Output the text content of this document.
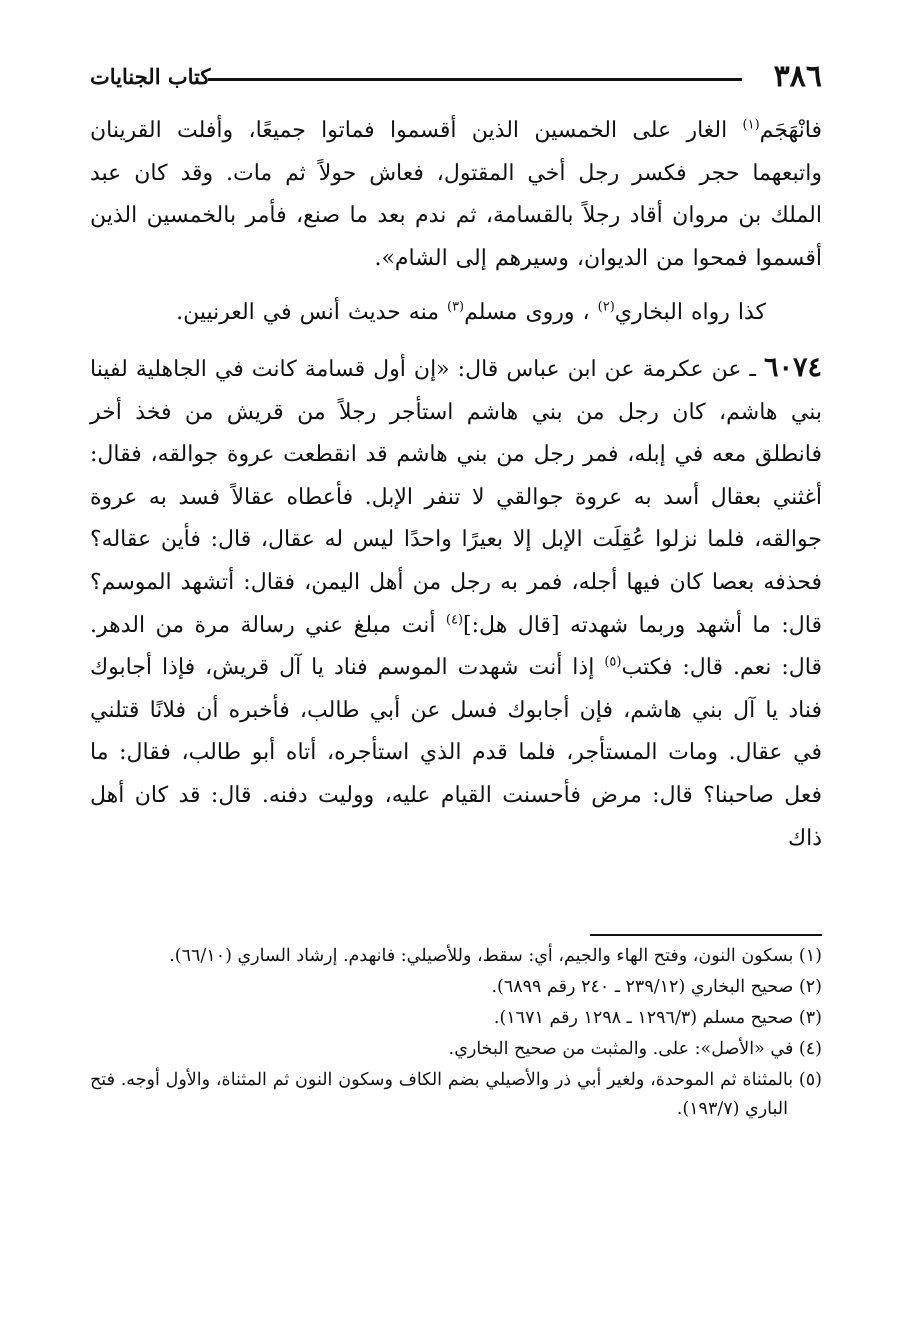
٣٨٦
كتاب الجنايات

فانْهَجَم$^{(١)}$ الغار على الخمسين الذين أقسموا فماتوا جميعًا، وأفلت القرينان واتبعهما حجر فكسر رجل أخي المقتول، فعاش حولاً ثم مات. وقد كان عبد الملك بن مروان أقاد رجلاً بالقسامة، ثم ندم بعد ما صنع، فأمر بالخمسين الذين أقسموا فمحوا من الديوان، وسيرهم إلى الشام».

كذا رواه البخاري$^{(٢)}$ ، وروى مسلم$^{(٣)}$ منه حديث أنس في العرنيين.

٦٠٧٤ ـ عن عكرمة عن ابن عباس قال: «إن أول قسامة كانت في الجاهلية لفينا بني هاشم، كان رجل من بني هاشم استأجر رجلاً من قريش من فخذ أخر فانطلق معه في إبله، فمر رجل من بني هاشم قد انقطعت عروة جوالقه، فقال: أغثني بعقال أسد به عروة جوالقي لا تنفر الإبل. فأعطاه عقالاً فسد به عروة جوالقه، فلما نزلوا عُقِلَت الإبل إلا بعيرًا واحدًا ليس له عقال، قال: فأين عقاله؟ فحذفه بعصا كان فيها أجله، فمر به رجل من أهل اليمن، فقال: أتشهد الموسم؟ قال: ما أشهد وربما شهدته [قال هل:]$^{(٤)}$ أنت مبلغ عني رسالة مرة من الدهر. قال: نعم. قال: فكتب$^{(٥)}$ إذا أنت شهدت الموسم فناد يا آل قريش، فإذا أجابوك فناد يا آل بني هاشم، فإن أجابوك فسل عن أبي طالب، فأخبره أن فلانًا قتلني في عقال. ومات المستأجر، فلما قدم الذي استأجره، أتاه أبو طالب، فقال: ما فعل صاحبنا؟ قال: مرض فأحسنت القيام عليه، ووليت دفنه. قال: قد كان أهل ذاك

(١) بسكون النون، وفتح الهاء والجيم، أي: سقط، وللأصيلي: فانهدم. إرشاد الساري (٦٦/١٠).

(٢) صحيح البخاري (٢٣٩/١٢ ـ ٢٤٠ رقم ٦٨٩٩).

(٣) صحيح مسلم (١٢٩٦/٣ ـ ١٢٩٨ رقم ١٦٧١).

(٤) في «الأصل»: على. والمثبت من صحيح البخاري.

(٥) بالمثناة ثم الموحدة، ولغير أبي ذر والأصيلي بضم الكاف وسكون النون ثم المثناة، والأول أوجه. فتح الباري (١٩٣/٧).
